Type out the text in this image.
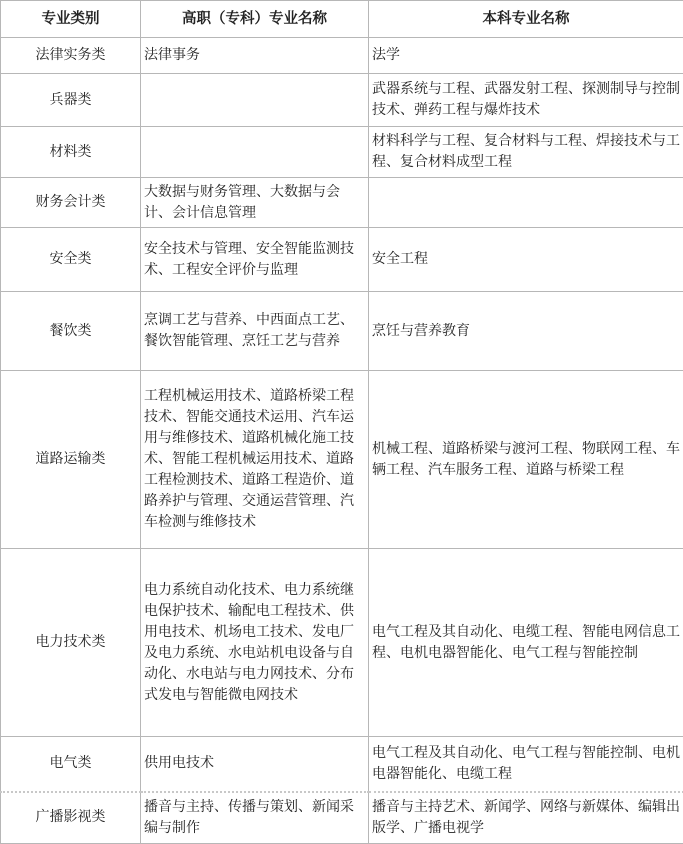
专业类别	高职（专科）专业名称	本科专业名称
法律实务类	法律事务	法学
兵器类		武器系统与工程、武器发射工程、探测制导与控制技术、弹药工程与爆炸技术
材料类		材料科学与工程、复合材料与工程、焊接技术与工程、复合材料成型工程
财务会计类	大数据与财务管理、大数据与会计、会计信息管理	
安全类	安全技术与管理、安全智能监测技术、工程安全评价与监理	安全工程
餐饮类	烹调工艺与营养、中西面点工艺、餐饮智能管理、烹饪工艺与营养	烹饪与营养教育
道路运输类	工程机械运用技术、道路桥梁工程技术、智能交通技术运用、汽车运用与维修技术、道路机械化施工技术、智能工程机械运用技术、道路工程检测技术、道路工程造价、道路养护与管理、交通运营管理、汽车检测与维修技术	机械工程、道路桥梁与渡河工程、物联网工程、车辆工程、汽车服务工程、道路与桥梁工程
电力技术类	电力系统自动化技术、电力系统继电保护技术、输配电工程技术、供用电技术、机场电工技术、发电厂及电力系统、水电站机电设备与自动化、水电站与电力网技术、分布式发电与智能微电网技术	电气工程及其自动化、电缆工程、智能电网信息工程、电机电器智能化、电气工程与智能控制
电气类	供用电技术	电气工程及其自动化、电气工程与智能控制、电机电器智能化、电缆工程
广播影视类	播音与主持、传播与策划、新闻采编与制作	播音与主持艺术、新闻学、网络与新媒体、编辑出版学、广播电视学
